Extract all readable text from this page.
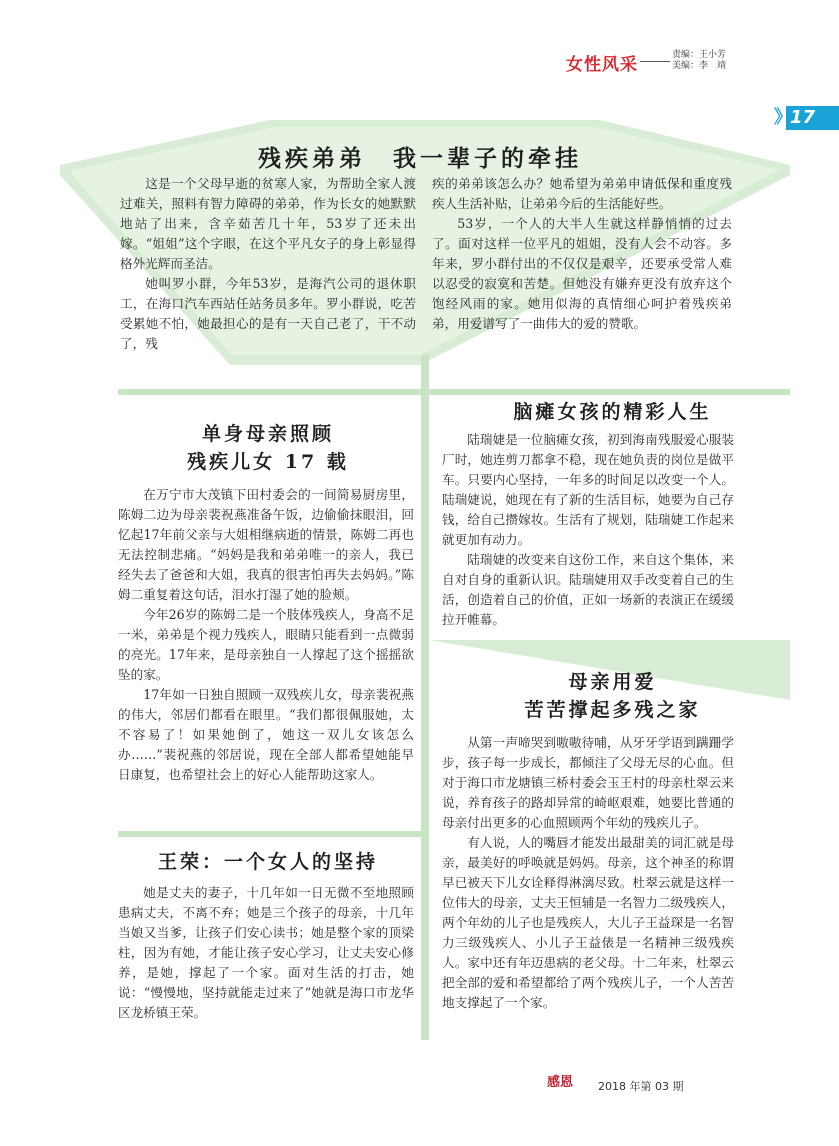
女性风采	责编：王小芳
美编：李　靖
》
17
残疾弟弟　我一辈子的牵挂

这是一个父母早逝的贫寒人家，为帮助全家人渡过难关，照料有智力障碍的弟弟，作为长女的她默默地站了出来，含辛茹苦几十年，53岁了还未出嫁。“姐姐”这个字眼，在这个平凡女子的身上彰显得格外光辉而圣洁。

她叫罗小群，今年53岁，是海汽公司的退休职工，在海口汽车西站任站务员多年。罗小群说，吃苦受累她不怕，她最担心的是有一天自己老了，干不动了，残

疾的弟弟该怎么办？她希望为弟弟申请低保和重度残疾人生活补贴，让弟弟今后的生活能好些。

53岁，一个人的大半人生就这样静悄悄的过去了。面对这样一位平凡的姐姐，没有人会不动容。多年来，罗小群付出的不仅仅是艰辛，还要承受常人难以忍受的寂寞和苦楚。但她没有嫌弃更没有放弃这个饱经风雨的家。她用似海的真情细心呵护着残疾弟弟，用爱谱写了一曲伟大的爱的赞歌。

单身母亲照顾
残疾儿女 17 载

在万宁市大茂镇下田村委会的一间简易厨房里，陈姆二边为母亲裴祝燕准备午饭，边偷偷抹眼泪，回忆起17年前父亲与大姐相继病逝的情景，陈姆二再也无法控制悲痛。“妈妈是我和弟弟唯一的亲人，我已经失去了爸爸和大姐，我真的很害怕再失去妈妈。”陈姆二重复着这句话，泪水打湿了她的脸颊。

今年26岁的陈姆二是一个肢体残疾人，身高不足一米，弟弟是个视力残疾人，眼睛只能看到一点微弱的亮光。17年来，是母亲独自一人撑起了这个摇摇欲坠的家。

17年如一日独自照顾一双残疾儿女，母亲裴祝燕的伟大，邻居们都看在眼里。“我们都很佩服她，太不容易了！如果她倒了，她这一双儿女该怎么办……”裴祝燕的邻居说，现在全部人都希望她能早日康复，也希望社会上的好心人能帮助这家人。

王荣：一个女人的坚持

她是丈夫的妻子，十几年如一日无微不至地照顾患病丈夫，不离不弃；她是三个孩子的母亲，十几年当娘又当爹，让孩子们安心读书；她是整个家的顶梁柱，因为有她，才能让孩子安心学习，让丈夫安心修养，是她，撑起了一个家。面对生活的打击，她说：“慢慢地，坚持就能走过来了”她就是海口市龙华区龙桥镇王荣。

脑瘫女孩的精彩人生

陆瑞婕是一位脑瘫女孩，初到海南残服爱心服装厂时，她连剪刀都拿不稳，现在她负责的岗位是做平车。只要内心坚持，一年多的时间足以改变一个人。陆瑞婕说，她现在有了新的生活目标，她要为自己存钱，给自己攒嫁妆。生活有了规划，陆瑞婕工作起来就更加有动力。

陆瑞婕的改变来自这份工作，来自这个集体，来自对自身的重新认识。陆瑞婕用双手改变着自己的生活，创造着自己的价值，正如一场新的表演正在缓缓拉开帷幕。

母亲用爱
苦苦撑起多残之家

从第一声啼哭到嗷嗷待哺，从牙牙学语到蹒跚学步，孩子每一步成长，都倾注了父母无尽的心血。但对于海口市龙塘镇三桥村委会玉王村的母亲杜翠云来说，养育孩子的路却异常的崎岖艰难，她要比普通的母亲付出更多的心血照顾两个年幼的残疾儿子。

有人说，人的嘴唇才能发出最甜美的词汇就是母亲，最美好的呼唤就是妈妈。母亲，这个神圣的称谓早已被天下儿女诠释得淋漓尽致。杜翠云就是这样一位伟大的母亲，丈夫王恒辅是一名智力二级残疾人，两个年幼的儿子也是残疾人，大儿子王益琛是一名智力三级残疾人、小儿子王益俵是一名精神三级残疾人。家中还有年迈患病的老父母。十二年来，杜翠云把全部的爱和希望都给了两个残疾儿子，一个人苦苦地支撑起了一个家。

感恩 2018 年第 03 期
